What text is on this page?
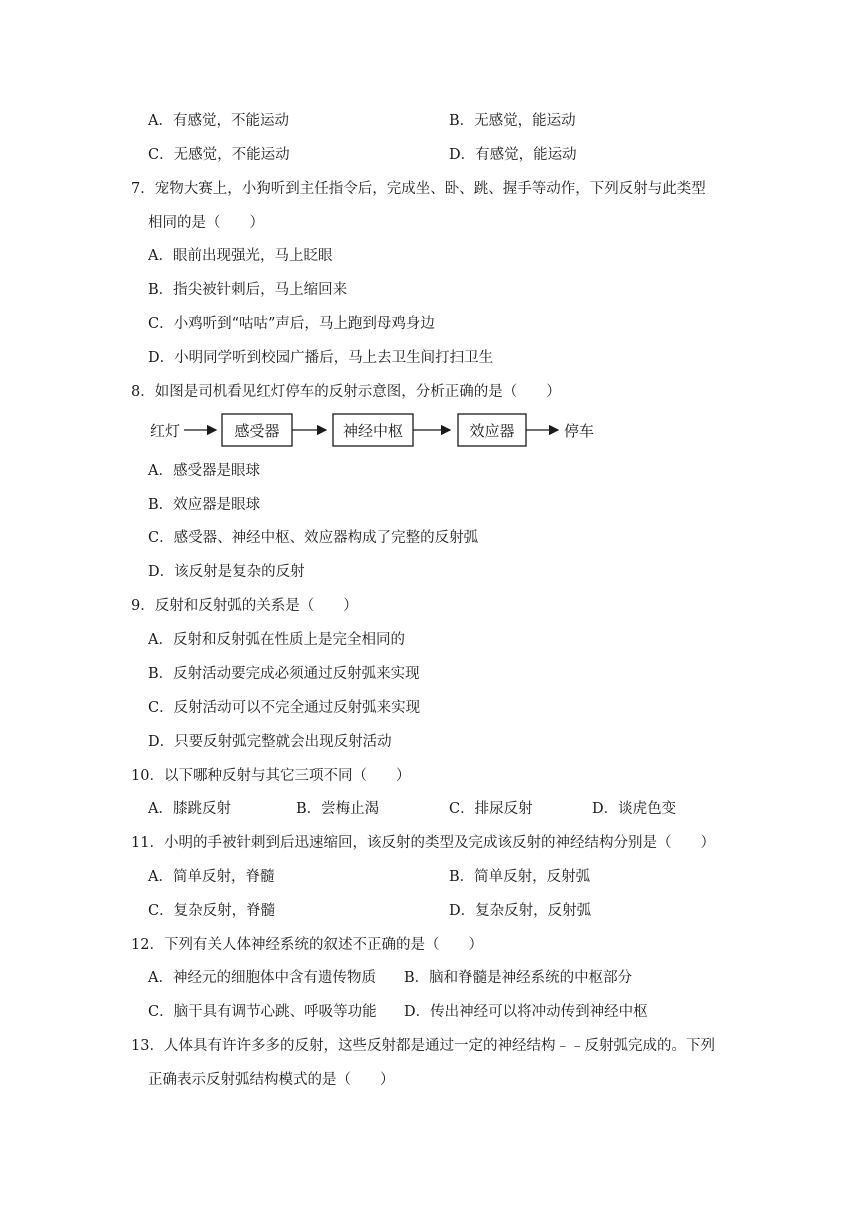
A．有感觉，不能运动	B．无感觉，能运动
C．无感觉，不能运动	D．有感觉，能运动
7．宠物大赛上，小狗听到主任指令后，完成坐、卧、跳、握手等动作，下列反射与此类型
相同的是（　　）
A．眼前出现强光，马上眨眼
B．指尖被针刺后，马上缩回来
C．小鸡听到“咕咕”声后，马上跑到母鸡身边
D．小明同学听到校园广播后，马上去卫生间打扫卫生
8．如图是司机看见红灯停车的反射示意图，分析正确的是（　　）
红灯	感受器	神经中枢	效应器	停车
A．感受器是眼球
B．效应器是眼球
C．感受器、神经中枢、效应器构成了完整的反射弧
D．该反射是复杂的反射
9．反射和反射弧的关系是（　　）
A．反射和反射弧在性质上是完全相同的
B．反射活动要完成必须通过反射弧来实现
C．反射活动可以不完全通过反射弧来实现
D．只要反射弧完整就会出现反射活动
10．以下哪种反射与其它三项不同（　　）
A．膝跳反射	B．尝梅止渴	C．排尿反射	D．谈虎色变
11．小明的手被针刺到后迅速缩回，该反射的类型及完成该反射的神经结构分别是（　　）
A．简单反射，脊髓	B．简单反射，反射弧
C．复杂反射，脊髓	D．复杂反射，反射弧
12．下列有关人体神经系统的叙述不正确的是（　　）
A．神经元的细胞体中含有遗传物质 B．脑和脊髓是神经系统的中枢部分
C．脑干具有调节心跳、呼吸等功能 D．传出神经可以将冲动传到神经中枢
13．人体具有许许多多的反射，这些反射都是通过一定的神经结构﹣﹣反射弧完成的。下列
正确表示反射弧结构模式的是（　　）
